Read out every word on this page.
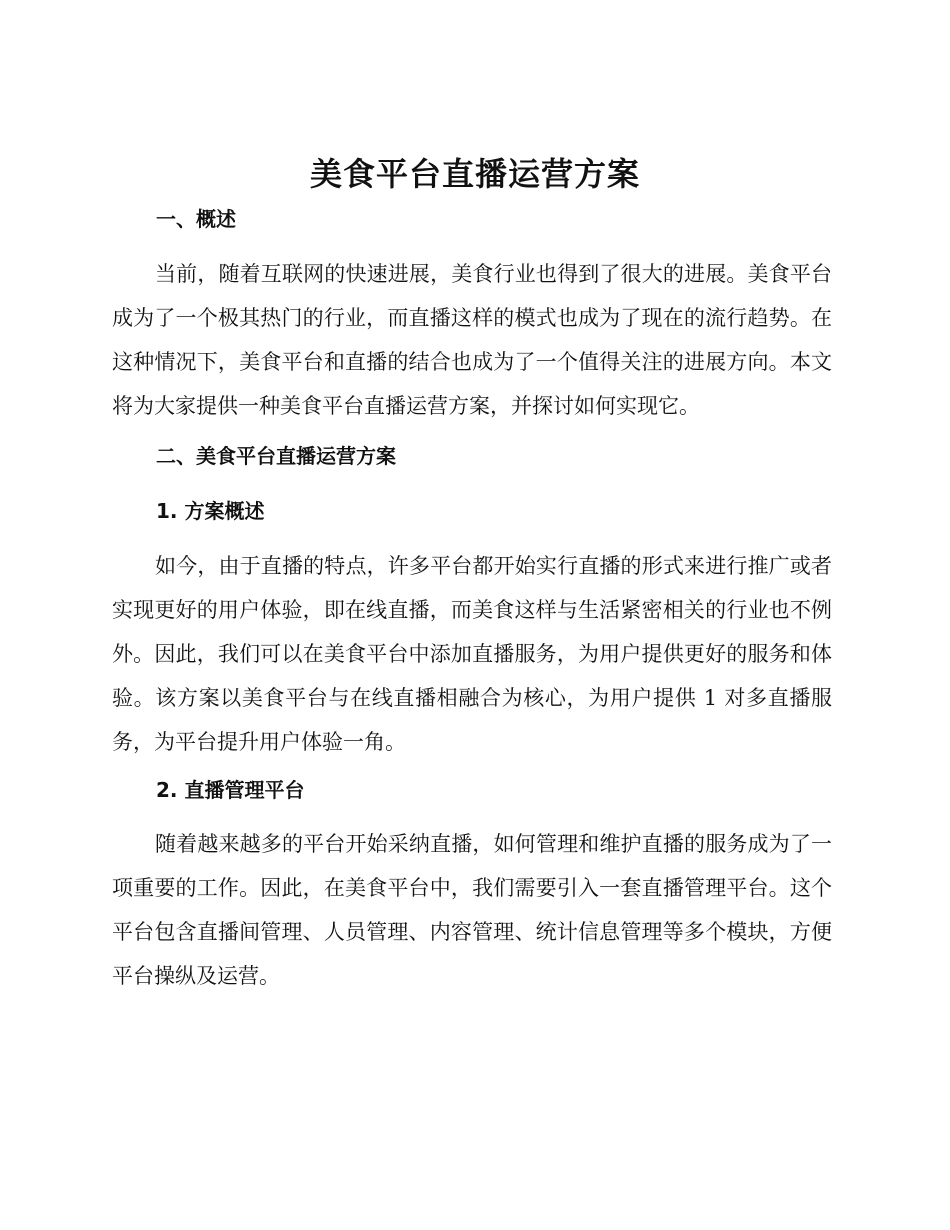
美食平台直播运营方案
一、概述

当前，随着互联网的快速进展，美食行业也得到了很大的进展。美食平台成为了一个极其热门的行业，而直播这样的模式也成为了现在的流行趋势。在这种情况下，美食平台和直播的结合也成为了一个值得关注的进展方向。本文将为大家提供一种美食平台直播运营方案，并探讨如何实现它。

二、美食平台直播运营方案
1. 方案概述

如今，由于直播的特点，许多平台都开始实行直播的形式来进行推广或者实现更好的用户体验，即在线直播，而美食这样与生活紧密相关的行业也不例外。因此，我们可以在美食平台中添加直播服务，为用户提供更好的服务和体验。该方案以美食平台与在线直播相融合为核心，为用户提供 1 对多直播服务，为平台提升用户体验一角。

2. 直播管理平台

随着越来越多的平台开始采纳直播，如何管理和维护直播的服务成为了一项重要的工作。因此，在美食平台中，我们需要引入一套直播管理平台。这个平台包含直播间管理、人员管理、内容管理、统计信息管理等多个模块，方便平台操纵及运营。
